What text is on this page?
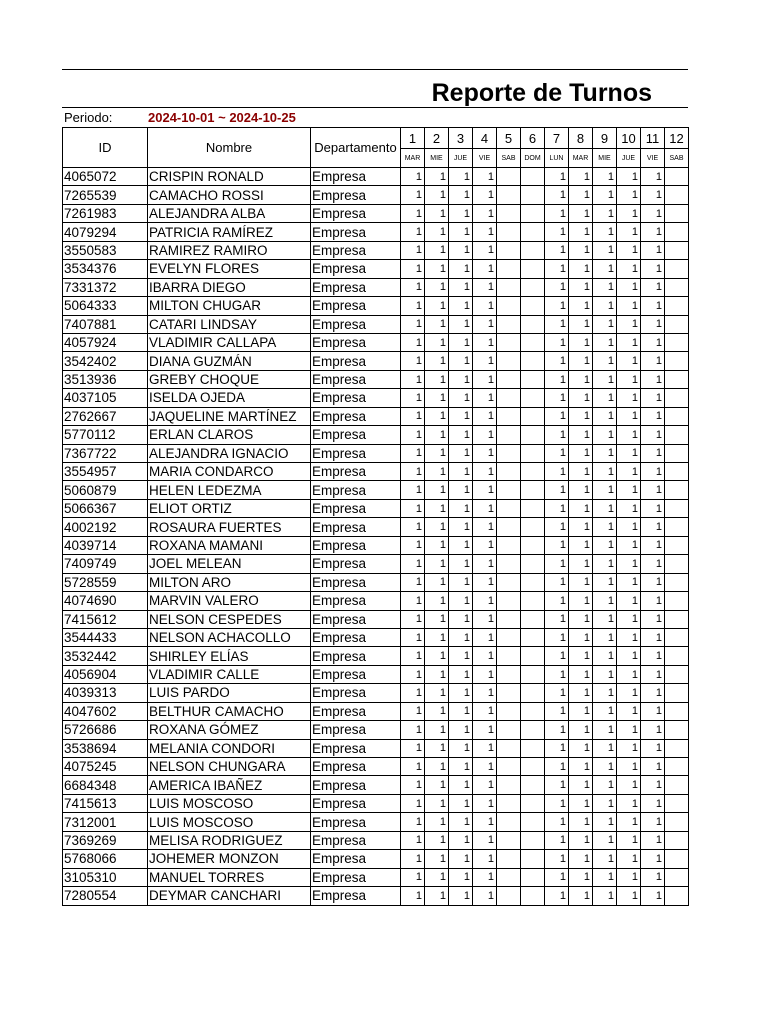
Reporte de Turnos
Periodo:	2024-10-01 ~ 2024-10-25
ID	Nombre	Departamento	1	2	3	4	5	6	7	8	9	10	11	12
			MAR	MIE	JUE	VIE	SAB	DOM	LUN	MAR	MIE	JUE	VIE	SAB
4065072	CRISPIN RONALD	Empresa	1	1	1	1			1	1	1	1	1	
7265539	CAMACHO ROSSI	Empresa	1	1	1	1			1	1	1	1	1	
7261983	ALEJANDRA ALBA	Empresa	1	1	1	1			1	1	1	1	1	
4079294	PATRICIA RAMÍREZ	Empresa	1	1	1	1			1	1	1	1	1	
3550583	RAMIREZ RAMIRO	Empresa	1	1	1	1			1	1	1	1	1	
3534376	EVELYN FLORES	Empresa	1	1	1	1			1	1	1	1	1	
7331372	IBARRA DIEGO	Empresa	1	1	1	1			1	1	1	1	1	
5064333	MILTON CHUGAR	Empresa	1	1	1	1			1	1	1	1	1	
7407881	CATARI LINDSAY	Empresa	1	1	1	1			1	1	1	1	1	
4057924	VLADIMIR CALLAPA	Empresa	1	1	1	1			1	1	1	1	1	
3542402	DIANA GUZMÁN	Empresa	1	1	1	1			1	1	1	1	1	
3513936	GREBY CHOQUE	Empresa	1	1	1	1			1	1	1	1	1	
4037105	ISELDA OJEDA	Empresa	1	1	1	1			1	1	1	1	1	
2762667	JAQUELINE MARTÍNEZ	Empresa	1	1	1	1			1	1	1	1	1	
5770112	ERLAN CLAROS	Empresa	1	1	1	1			1	1	1	1	1	
7367722	ALEJANDRA IGNACIO	Empresa	1	1	1	1			1	1	1	1	1	
3554957	MARIA CONDARCO	Empresa	1	1	1	1			1	1	1	1	1	
5060879	HELEN LEDEZMA	Empresa	1	1	1	1			1	1	1	1	1	
5066367	ELIOT ORTIZ	Empresa	1	1	1	1			1	1	1	1	1	
4002192	ROSAURA FUERTES	Empresa	1	1	1	1			1	1	1	1	1	
4039714	ROXANA MAMANI	Empresa	1	1	1	1			1	1	1	1	1	
7409749	JOEL MELEAN	Empresa	1	1	1	1			1	1	1	1	1	
5728559	MILTON ARO	Empresa	1	1	1	1			1	1	1	1	1	
4074690	MARVIN VALERO	Empresa	1	1	1	1			1	1	1	1	1	
7415612	NELSON CESPEDES	Empresa	1	1	1	1			1	1	1	1	1	
3544433	NELSON ACHACOLLO	Empresa	1	1	1	1			1	1	1	1	1	
3532442	SHIRLEY ELÍAS	Empresa	1	1	1	1			1	1	1	1	1	
4056904	VLADIMIR CALLE	Empresa	1	1	1	1			1	1	1	1	1	
4039313	LUIS PARDO	Empresa	1	1	1	1			1	1	1	1	1	
4047602	BELTHUR CAMACHO	Empresa	1	1	1	1			1	1	1	1	1	
5726686	ROXANA GÓMEZ	Empresa	1	1	1	1			1	1	1	1	1	
3538694	MELANIA CONDORI	Empresa	1	1	1	1			1	1	1	1	1	
4075245	NELSON CHUNGARA	Empresa	1	1	1	1			1	1	1	1	1	
6684348	AMERICA IBAÑEZ	Empresa	1	1	1	1			1	1	1	1	1	
7415613	LUIS MOSCOSO	Empresa	1	1	1	1			1	1	1	1	1	
7312001	LUIS MOSCOSO	Empresa	1	1	1	1			1	1	1	1	1	
7369269	MELISA RODRIGUEZ	Empresa	1	1	1	1			1	1	1	1	1	
5768066	JOHEMER MONZON	Empresa	1	1	1	1			1	1	1	1	1	
3105310	MANUEL TORRES	Empresa	1	1	1	1			1	1	1	1	1	
7280554	DEYMAR CANCHARI	Empresa	1	1	1	1			1	1	1	1	1	
